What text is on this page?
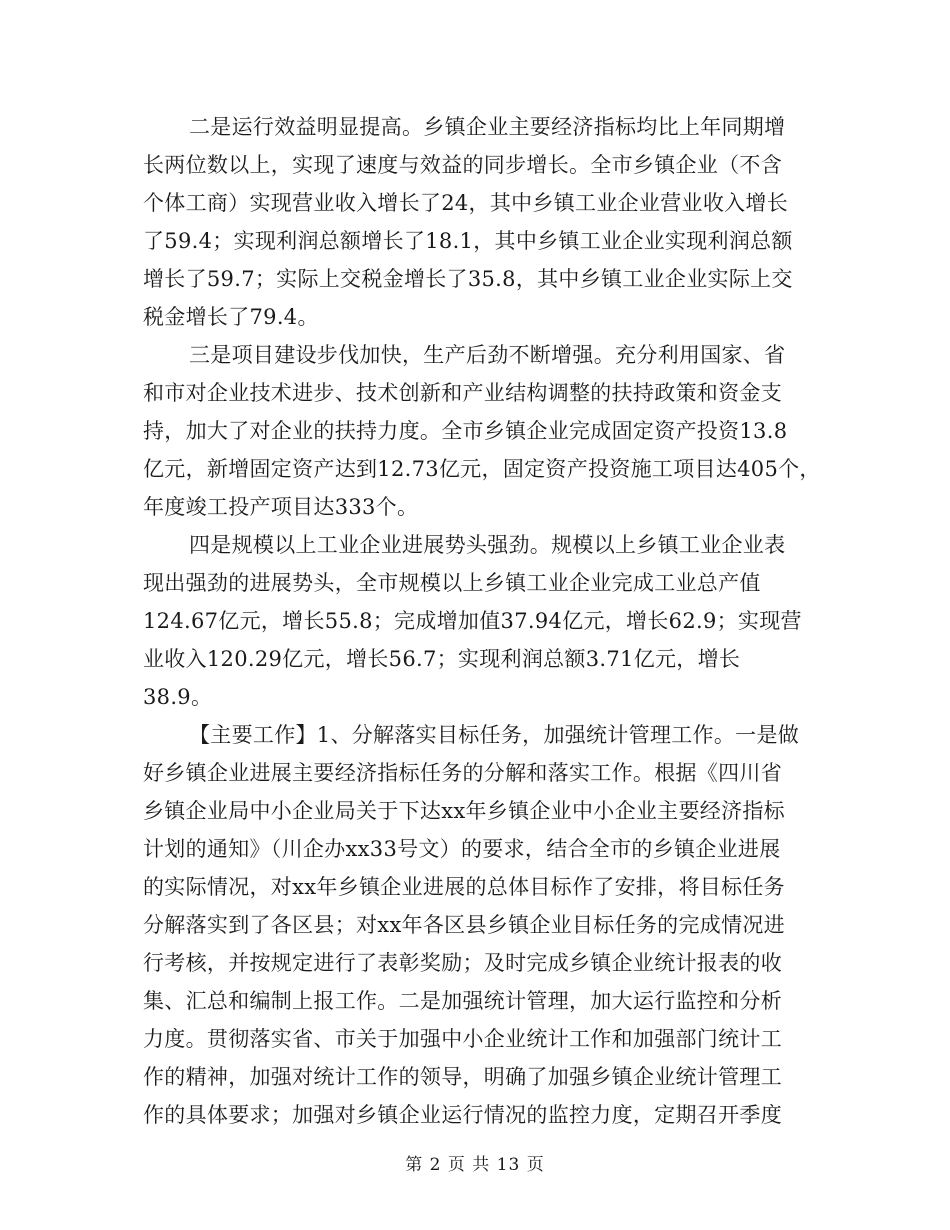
二是运行效益明显提高。乡镇企业主要经济指标均比上年同期增
长两位数以上，实现了速度与效益的同步增长。全市乡镇企业（不含
个体工商）实现营业收入增长了24，其中乡镇工业企业营业收入增长
了59.4；实现利润总额增长了18.1，其中乡镇工业企业实现利润总额
增长了59.7；实际上交税金增长了35.8，其中乡镇工业企业实际上交
税金增长了79.4。
三是项目建设步伐加快，生产后劲不断增强。充分利用国家、省
和市对企业技术进步、技术创新和产业结构调整的扶持政策和资金支
持，加大了对企业的扶持力度。全市乡镇企业完成固定资产投资13.8
亿元，新增固定资产达到12.73亿元，固定资产投资施工项目达405个，
年度竣工投产项目达333个。
四是规模以上工业企业进展势头强劲。规模以上乡镇工业企业表
现出强劲的进展势头，全市规模以上乡镇工业企业完成工业总产值
124.67亿元，增长55.8；完成增加值37.94亿元，增长62.9；实现营
业收入120.29亿元，增长56.7；实现利润总额3.71亿元，增长
38.9。
【主要工作】1、分解落实目标任务，加强统计管理工作。一是做
好乡镇企业进展主要经济指标任务的分解和落实工作。根据《四川省
乡镇企业局中小企业局关于下达xx年乡镇企业中小企业主要经济指标
计划的通知》（川企办xx33号文）的要求，结合全市的乡镇企业进展
的实际情况，对xx年乡镇企业进展的总体目标作了安排，将目标任务
分解落实到了各区县；对xx年各区县乡镇企业目标任务的完成情况进
行考核，并按规定进行了表彰奖励；及时完成乡镇企业统计报表的收
集、汇总和编制上报工作。二是加强统计管理，加大运行监控和分析
力度。贯彻落实省、市关于加强中小企业统计工作和加强部门统计工
作的精神，加强对统计工作的领导，明确了加强乡镇企业统计管理工
作的具体要求；加强对乡镇企业运行情况的监控力度，定期召开季度
第 2 页 共 13 页
